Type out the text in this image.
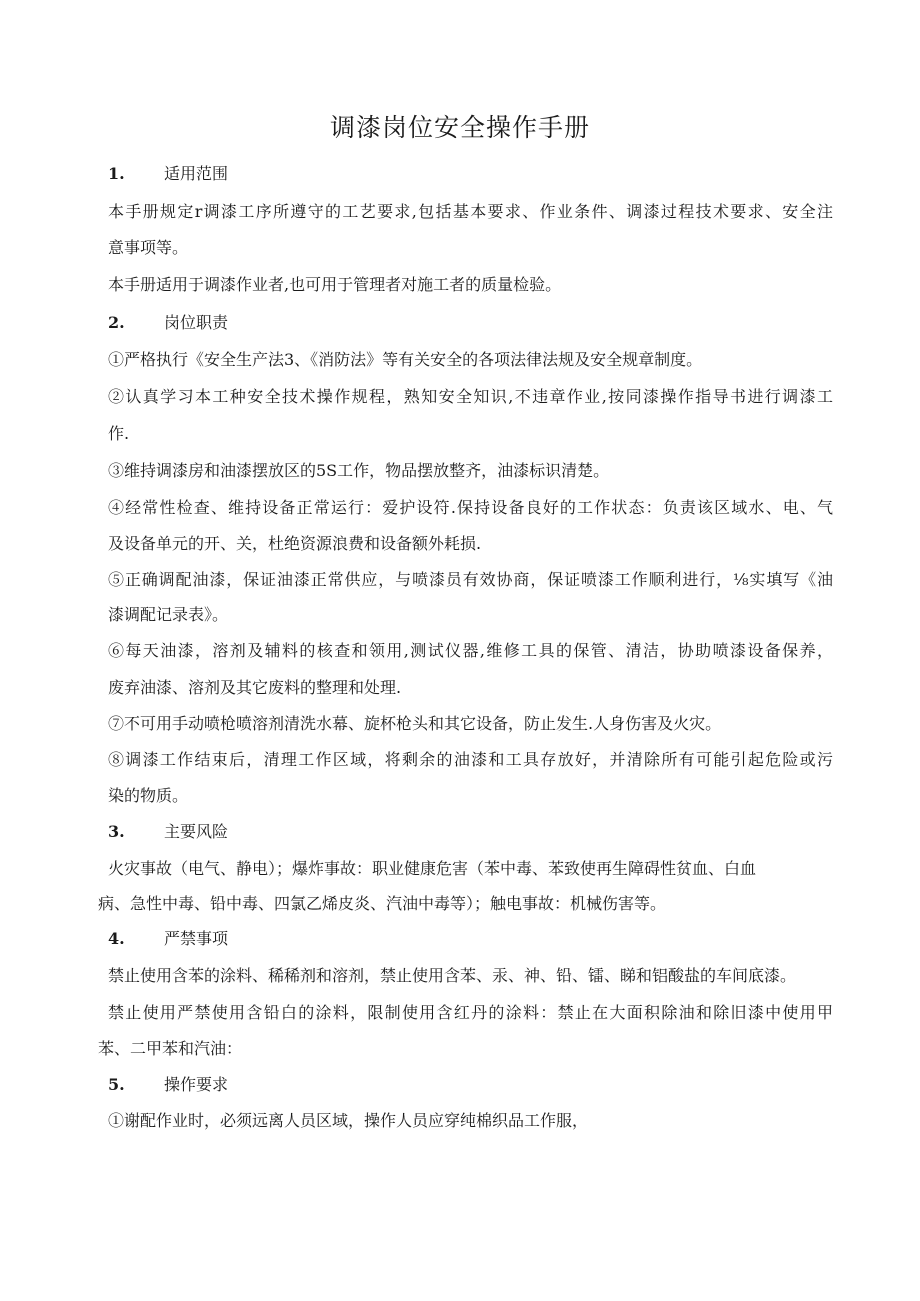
调漆岗位安全操作手册
1. 适用范围
本手册规定r调漆工序所遵守的工艺要求,包括基本要求、作业条件、调漆过程技术要求、安全注
意事项等。
本手册适用于调漆作业者,也可用于管理者对施工者的质量检验。
2. 岗位职责
①严格执行《安全生产法3、《消防法》等有关安全的各项法律法规及安全规章制度。
②认真学习本工种安全技术操作规程，熟知安全知识,不违章作业,按同漆操作指导书进行调漆工
作.
③维持调漆房和油漆摆放区的5S工作，物品摆放整齐，油漆标识清楚。
④经常性检查、维持设备正常运行：爱护设符.保持设备良好的工作状态：负责该区域水、电、气
及设备单元的开、关，杜绝资源浪费和设备额外耗损.
⑤正确调配油漆，保证油漆正常供应，与喷漆员有效协商，保证喷漆工作顺利进行，⅛实填写《油
漆调配记录表》。
⑥每天油漆，溶剂及辅料的核查和领用,测试仪器,维修工具的保管、清洁，协助喷漆设备保养，
废弃油漆、溶剂及其它废料的整理和处理.
⑦不可用手动喷枪喷溶剂清洗水幕、旋杯枪头和其它设备，防止发生.人身伤害及火灾。
⑧调漆工作结束后，清理工作区域，将剩余的油漆和工具存放好，并清除所有可能引起危险或污
染的物质。
3. 主要风险
火灾事故（电气、静电）；爆炸事故：职业健康危害（苯中毒、苯致使再生障碍性贫血、白血
病、急性中毒、铅中毒、四氯乙烯皮炎、汽油中毒等）；触电事故：机械伤害等。
4. 严禁事项
禁止使用含苯的涂料、稀稀剂和溶剂，禁止使用含苯、汞、神、铅、镭、睇和铝酸盐的车间底漆。
禁止使用严禁使用含铅白的涂料，限制使用含红丹的涂料：禁止在大面积除油和除旧漆中使用甲
苯、二甲苯和汽油：
5. 操作要求
①谢配作业时，必须远离人员区域，操作人员应穿纯棉织品工作服，
